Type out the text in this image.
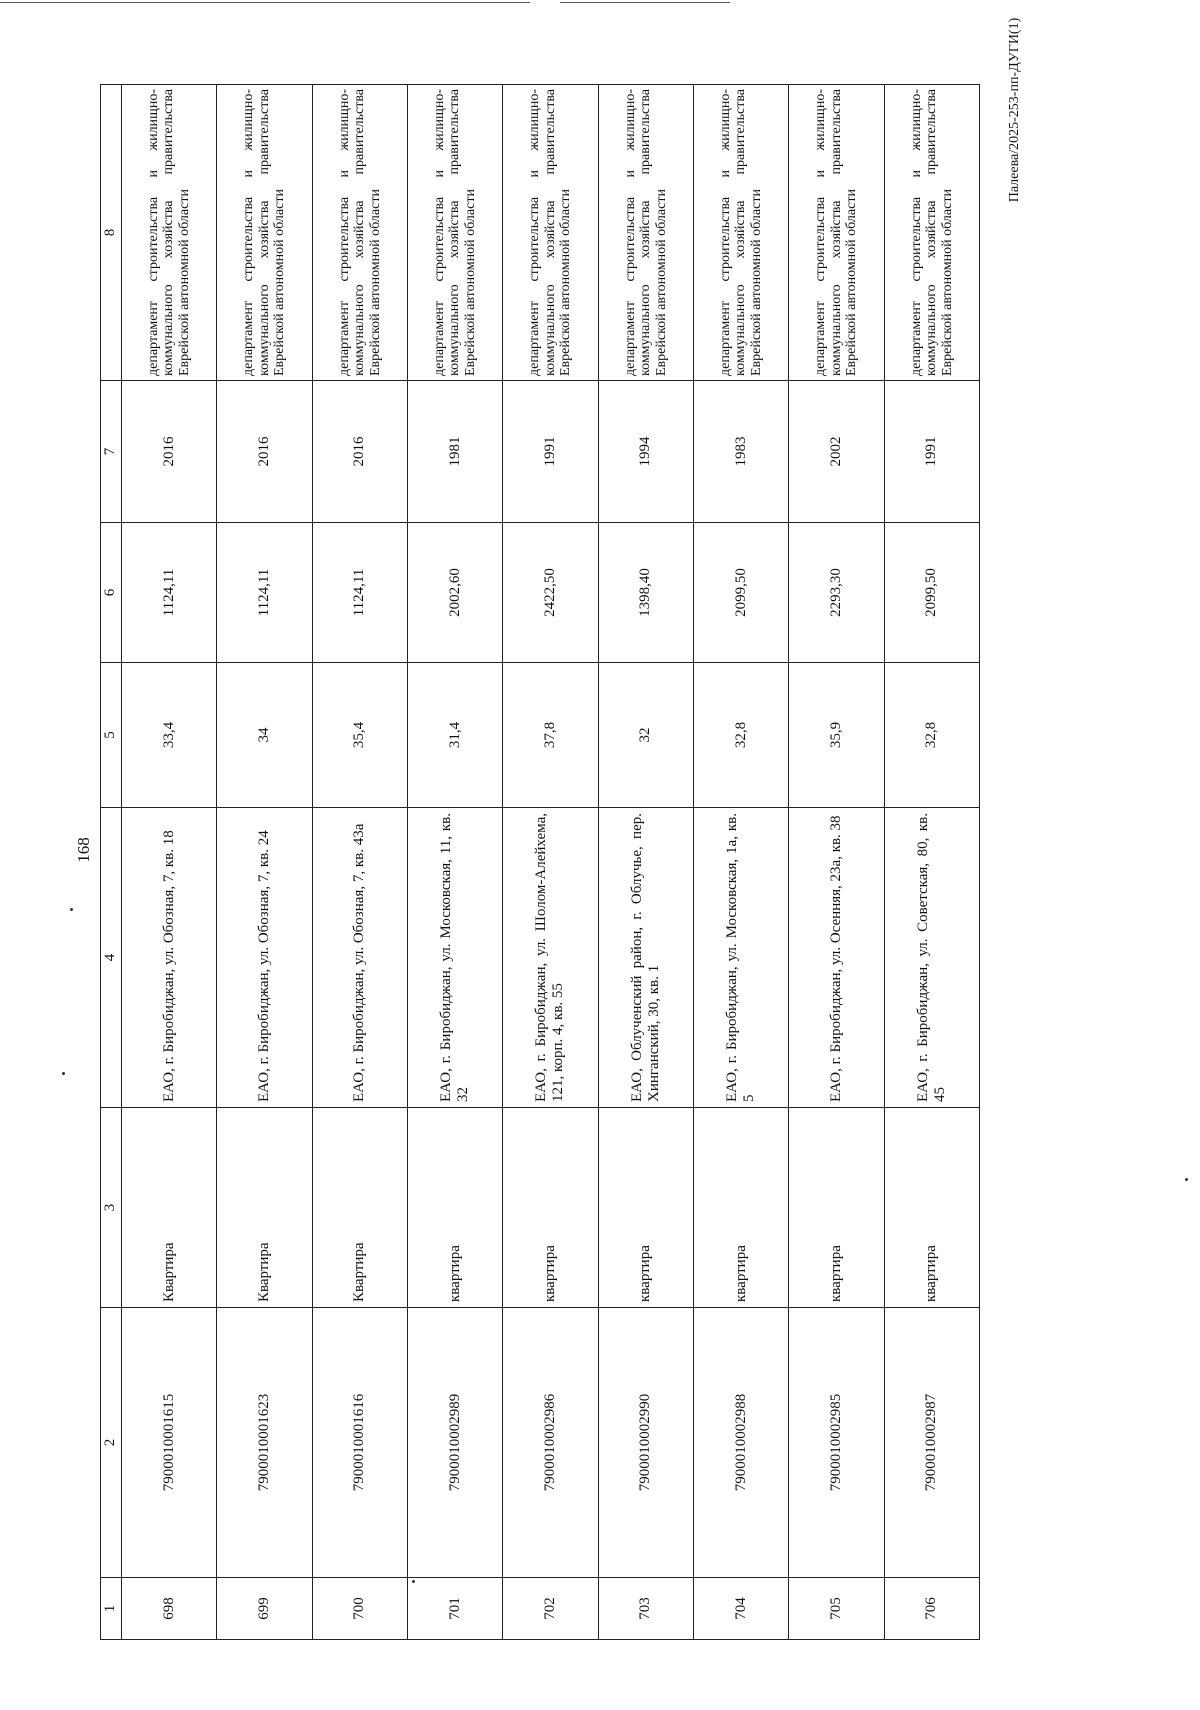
168
Палеева/2025-253-пп-ДУГИ(1)
1	2	3	4	5	6	7	8
698	7900010001615	Квартира	ЕАО, г. Биробиджан, ул. Обозная, 7, кв. 18	33,4	1124,11	2016	департамент строительства и жилищно-коммунального хозяйства правительства Еврейской автономной области
699	7900010001623	Квартира	ЕАО, г. Биробиджан, ул. Обозная, 7, кв. 24	34	1124,11	2016	департамент строительства и жилищно-коммунального хозяйства правительства Еврейской автономной области
700	7900010001616	Квартира	ЕАО, г. Биробиджан, ул. Обозная, 7, кв. 43а	35,4	1124,11	2016	департамент строительства и жилищно-коммунального хозяйства правительства Еврейской автономной области
701	7900010002989	квартира	ЕАО, г. Биробиджан, ул. Московская, 11, кв. 32	31,4	2002,60	1981	департамент строительства и жилищно-коммунального хозяйства правительства Еврейской автономной области
702	7900010002986	квартира	ЕАО, г. Биробиджан, ул. Шолом-Алейхема, 121, корп. 4, кв. 55	37,8	2422,50	1991	департамент строительства и жилищно-коммунального хозяйства правительства Еврейской автономной области
703	7900010002990	квартира	ЕАО, Облученский район, г. Облучье, пер. Хинганский, 30, кв. 1	32	1398,40	1994	департамент строительства и жилищно-коммунального хозяйства правительства Еврейской автономной области
704	7900010002988	квартира	ЕАО, г. Биробиджан, ул. Московская, 1а, кв. 5	32,8	2099,50	1983	департамент строительства и жилищно-коммунального хозяйства правительства Еврейской автономной области
705	7900010002985	квартира	ЕАО, г. Биробиджан, ул. Осенняя, 23а, кв. 38	35,9	2293,30	2002	департамент строительства и жилищно-коммунального хозяйства правительства Еврейской автономной области
706	7900010002987	квартира	ЕАО, г. Биробиджан, ул. Советская, 80, кв. 45	32,8	2099,50	1991	департамент строительства и жилищно-коммунального хозяйства правительства Еврейской автономной области
